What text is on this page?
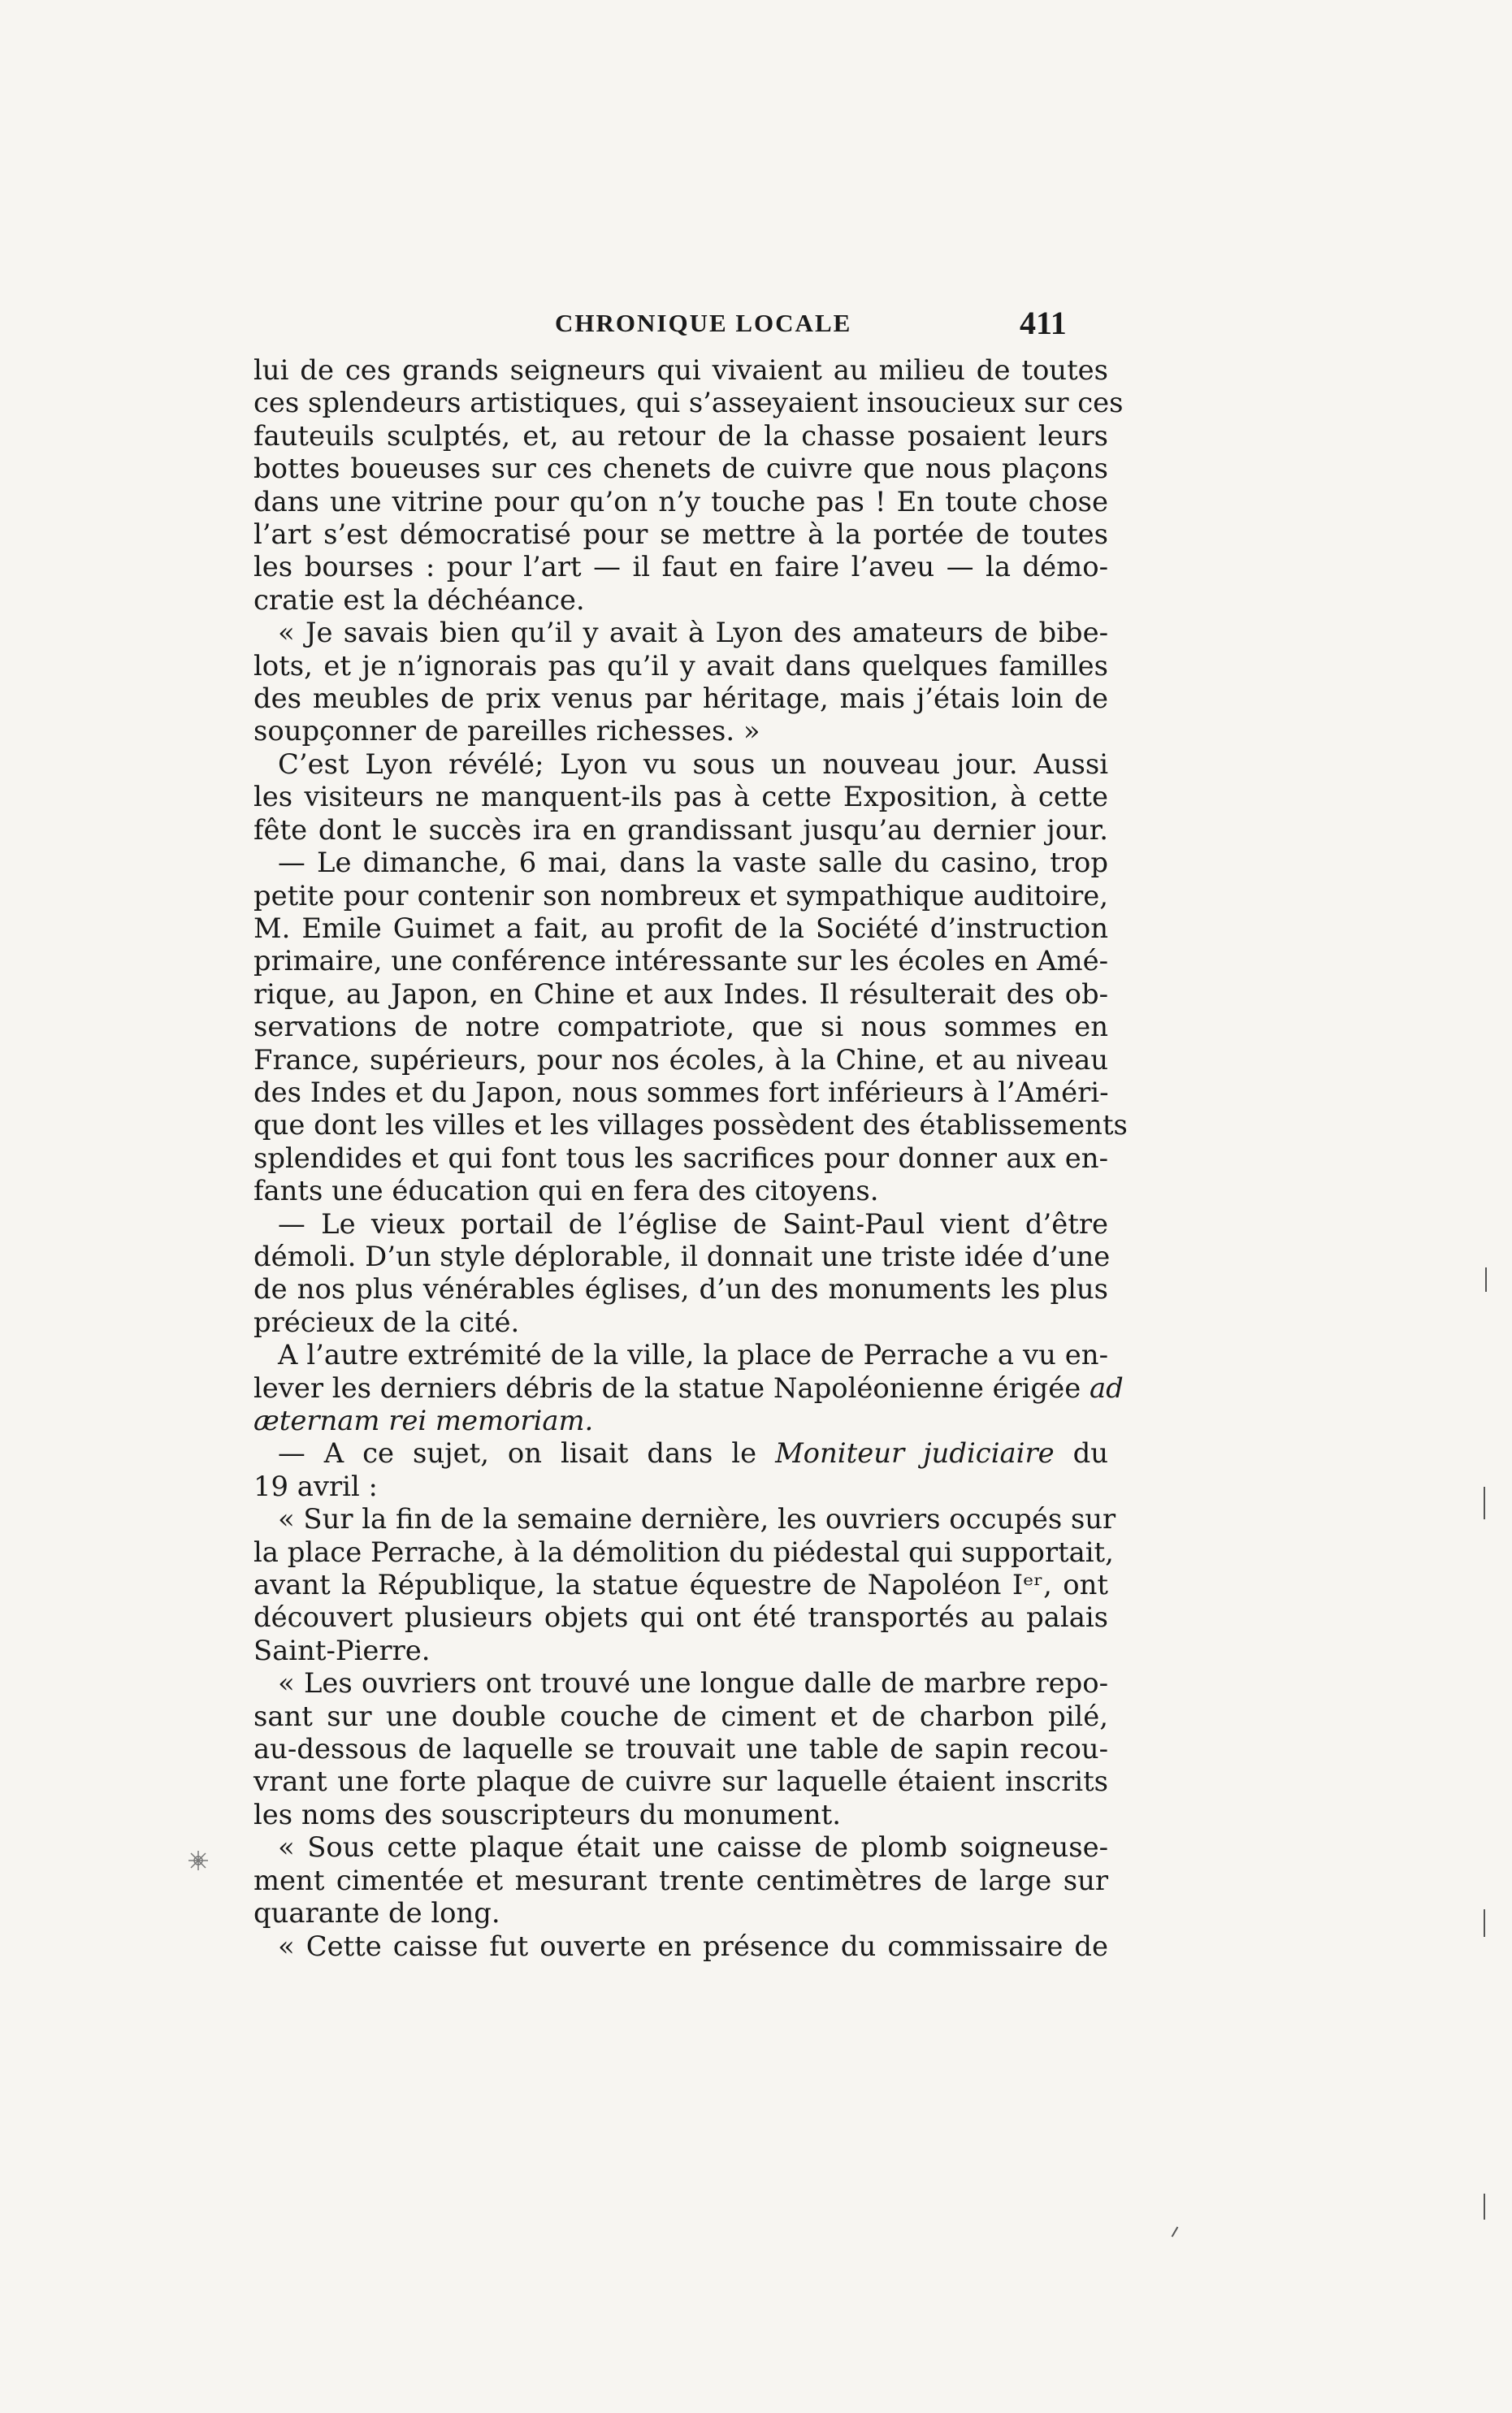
CHRONIQUE LOCALE	411
lui de ces grands seigneurs qui vivaient au milieu de toutes
ces splendeurs artistiques, qui s’asseyaient insoucieux sur ces
fauteuils sculptés, et, au retour de la chasse posaient leurs
bottes boueuses sur ces chenets de cuivre que nous plaçons
dans une vitrine pour qu’on n’y touche pas ! En toute chose
l’art s’est démocratisé pour se mettre à la portée de toutes
les bourses : pour l’art — il faut en faire l’aveu — la démo-
cratie est la déchéance.
« Je savais bien qu’il y avait à Lyon des amateurs de bibe-
lots, et je n’ignorais pas qu’il y avait dans quelques familles
des meubles de prix venus par héritage, mais j’étais loin de
soupçonner de pareilles richesses. »
C’est Lyon révélé; Lyon vu sous un nouveau jour. Aussi
les visiteurs ne manquent-ils pas à cette Exposition, à cette
fête dont le succès ira en grandissant jusqu’au dernier jour.
— Le dimanche, 6 mai, dans la vaste salle du casino, trop
petite pour contenir son nombreux et sympathique auditoire,
M. Emile Guimet a fait, au profit de la Société d’instruction
primaire, une conférence intéressante sur les écoles en Amé-
rique, au Japon, en Chine et aux Indes. Il résulterait des ob-
servations de notre compatriote, que si nous sommes en
France, supérieurs, pour nos écoles, à la Chine, et au niveau
des Indes et du Japon, nous sommes fort inférieurs à l’Améri-
que dont les villes et les villages possèdent des établissements
splendides et qui font tous les sacrifices pour donner aux en-
fants une éducation qui en fera des citoyens.
— Le vieux portail de l’église de Saint-Paul vient d’être
démoli. D’un style déplorable, il donnait une triste idée d’une
de nos plus vénérables églises, d’un des monuments les plus
précieux de la cité.
A l’autre extrémité de la ville, la place de Perrache a vu en-
lever les derniers débris de la statue Napoléonienne érigée ad
æternam rei memoriam.
— A ce sujet, on lisait dans le Moniteur judiciaire du
19 avril :
« Sur la fin de la semaine dernière, les ouvriers occupés sur
la place Perrache, à la démolition du piédestal qui supportait,
avant la République, la statue équestre de Napoléon Iᵉʳ, ont
découvert plusieurs objets qui ont été transportés au palais
Saint-Pierre.
« Les ouvriers ont trouvé une longue dalle de marbre repo-
sant sur une double couche de ciment et de charbon pilé,
au-dessous de laquelle se trouvait une table de sapin recou-
vrant une forte plaque de cuivre sur laquelle étaient inscrits
les noms des souscripteurs du monument.
« Sous cette plaque était une caisse de plomb soigneuse-
ment cimentée et mesurant trente centimètres de large sur
quarante de long.
« Cette caisse fut ouverte en présence du commissaire de
